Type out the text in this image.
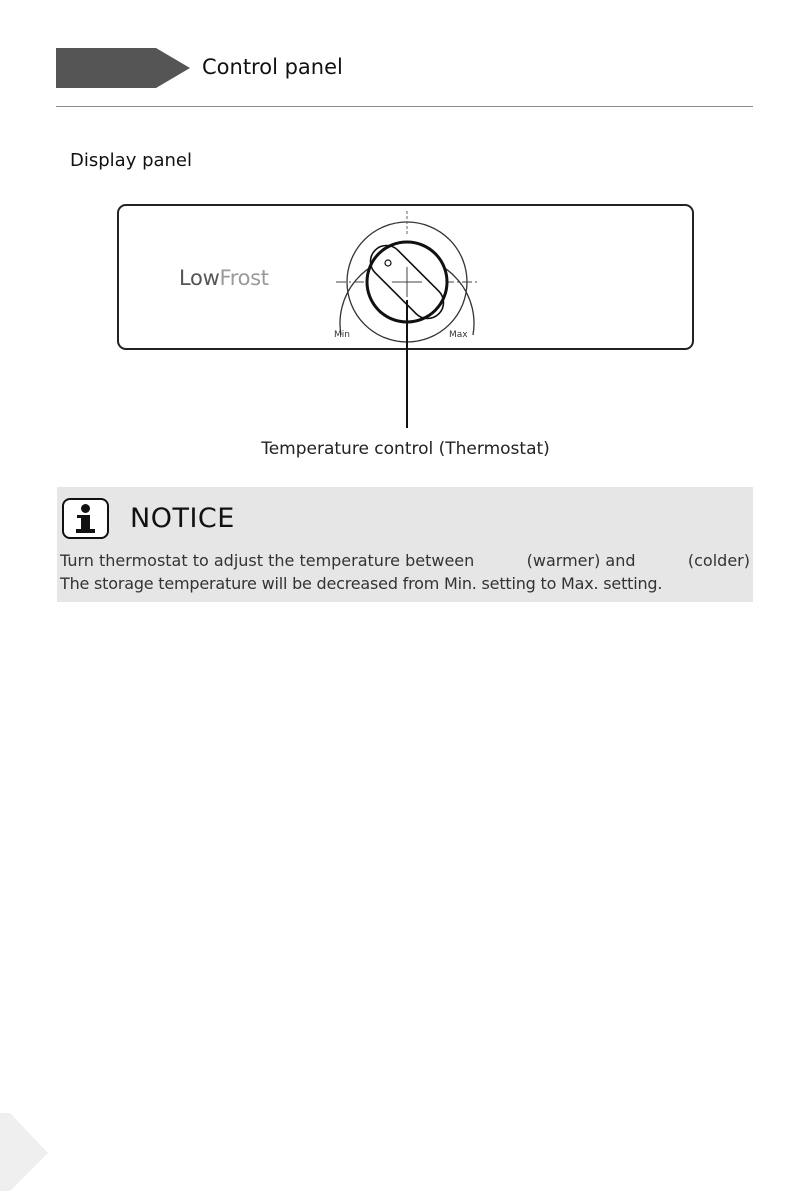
Control panel
Display panel
LowFrost
Min	Max
Temperature control (Thermostat)
NOTICE
Turn thermostat to adjust the temperature between	(warmer) and	(colder)
The storage temperature will be decreased from Min. setting to Max. setting.
